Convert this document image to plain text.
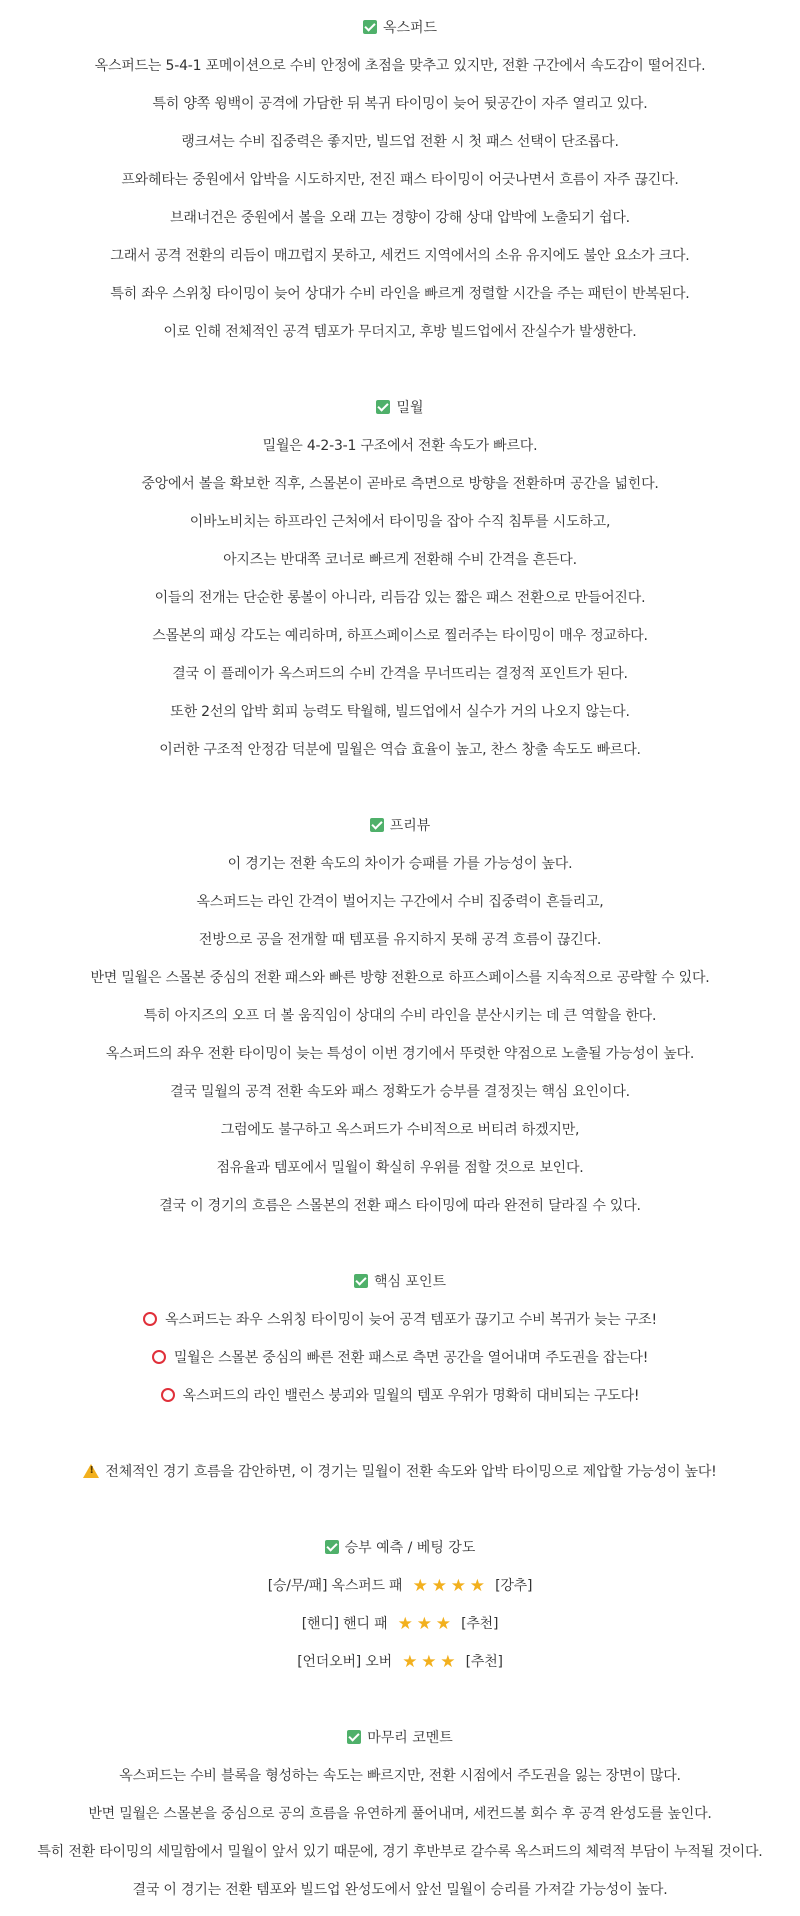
옥스퍼드
옥스퍼드는 5-4-1 포메이션으로 수비 안정에 초점을 맞추고 있지만, 전환 구간에서 속도감이 떨어진다.
특히 양쪽 윙백이 공격에 가담한 뒤 복귀 타이밍이 늦어 뒷공간이 자주 열리고 있다.
랭크셔는 수비 집중력은 좋지만, 빌드업 전환 시 첫 패스 선택이 단조롭다.
프와헤타는 중원에서 압박을 시도하지만, 전진 패스 타이밍이 어긋나면서 흐름이 자주 끊긴다.
브래너건은 중원에서 볼을 오래 끄는 경향이 강해 상대 압박에 노출되기 쉽다.
그래서 공격 전환의 리듬이 매끄럽지 못하고, 세컨드 지역에서의 소유 유지에도 불안 요소가 크다.
특히 좌우 스위칭 타이밍이 늦어 상대가 수비 라인을 빠르게 정렬할 시간을 주는 패턴이 반복된다.
이로 인해 전체적인 공격 템포가 무더지고, 후방 빌드업에서 잔실수가 발생한다.
밀월
밀월은 4-2-3-1 구조에서 전환 속도가 빠르다.
중앙에서 볼을 확보한 직후, 스몰본이 곧바로 측면으로 방향을 전환하며 공간을 넓힌다.
이바노비치는 하프라인 근처에서 타이밍을 잡아 수직 침투를 시도하고,
아지즈는 반대쪽 코너로 빠르게 전환해 수비 간격을 흔든다.
이들의 전개는 단순한 롱볼이 아니라, 리듬감 있는 짧은 패스 전환으로 만들어진다.
스몰본의 패싱 각도는 예리하며, 하프스페이스로 찔러주는 타이밍이 매우 정교하다.
결국 이 플레이가 옥스퍼드의 수비 간격을 무너뜨리는 결정적 포인트가 된다.
또한 2선의 압박 회피 능력도 탁월해, 빌드업에서 실수가 거의 나오지 않는다.
이러한 구조적 안정감 덕분에 밀월은 역습 효율이 높고, 찬스 창출 속도도 빠르다.
프리뷰
이 경기는 전환 속도의 차이가 승패를 가를 가능성이 높다.
옥스퍼드는 라인 간격이 벌어지는 구간에서 수비 집중력이 흔들리고,
전방으로 공을 전개할 때 템포를 유지하지 못해 공격 흐름이 끊긴다.
반면 밀월은 스몰본 중심의 전환 패스와 빠른 방향 전환으로 하프스페이스를 지속적으로 공략할 수 있다.
특히 아지즈의 오프 더 볼 움직임이 상대의 수비 라인을 분산시키는 데 큰 역할을 한다.
옥스퍼드의 좌우 전환 타이밍이 늦는 특성이 이번 경기에서 뚜렷한 약점으로 노출될 가능성이 높다.
결국 밀월의 공격 전환 속도와 패스 정확도가 승부를 결정짓는 핵심 요인이다.
그럼에도 불구하고 옥스퍼드가 수비적으로 버티려 하겠지만,
점유율과 템포에서 밀월이 확실히 우위를 점할 것으로 보인다.
결국 이 경기의 흐름은 스몰본의 전환 패스 타이밍에 따라 완전히 달라질 수 있다.
핵심 포인트
옥스퍼드는 좌우 스위칭 타이밍이 늦어 공격 템포가 끊기고 수비 복귀가 늦는 구조!
밀월은 스몰본 중심의 빠른 전환 패스로 측면 공간을 열어내며 주도권을 잡는다!
옥스퍼드의 라인 밸런스 붕괴와 밀월의 템포 우위가 명확히 대비되는 구도다!
!전체적인 경기 흐름을 감안하면, 이 경기는 밀월이 전환 속도와 압박 타이밍으로 제압할 가능성이 높다!
승부 예측 / 베팅 강도
[승/무/패] 옥스퍼드 패 ★ ★ ★ ★ [강추]
[핸디] 핸디 패 ★ ★ ★ [추천]
[언더오버] 오버 ★ ★ ★ [추천]
마무리 코멘트
옥스퍼드는 수비 블록을 형성하는 속도는 빠르지만, 전환 시점에서 주도권을 잃는 장면이 많다.
반면 밀월은 스몰본을 중심으로 공의 흐름을 유연하게 풀어내며, 세컨드볼 회수 후 공격 완성도를 높인다.
특히 전환 타이밍의 세밀함에서 밀월이 앞서 있기 때문에, 경기 후반부로 갈수록 옥스퍼드의 체력적 부담이 누적될 것이다.
결국 이 경기는 전환 템포와 빌드업 완성도에서 앞선 밀월이 승리를 가져갈 가능성이 높다.
